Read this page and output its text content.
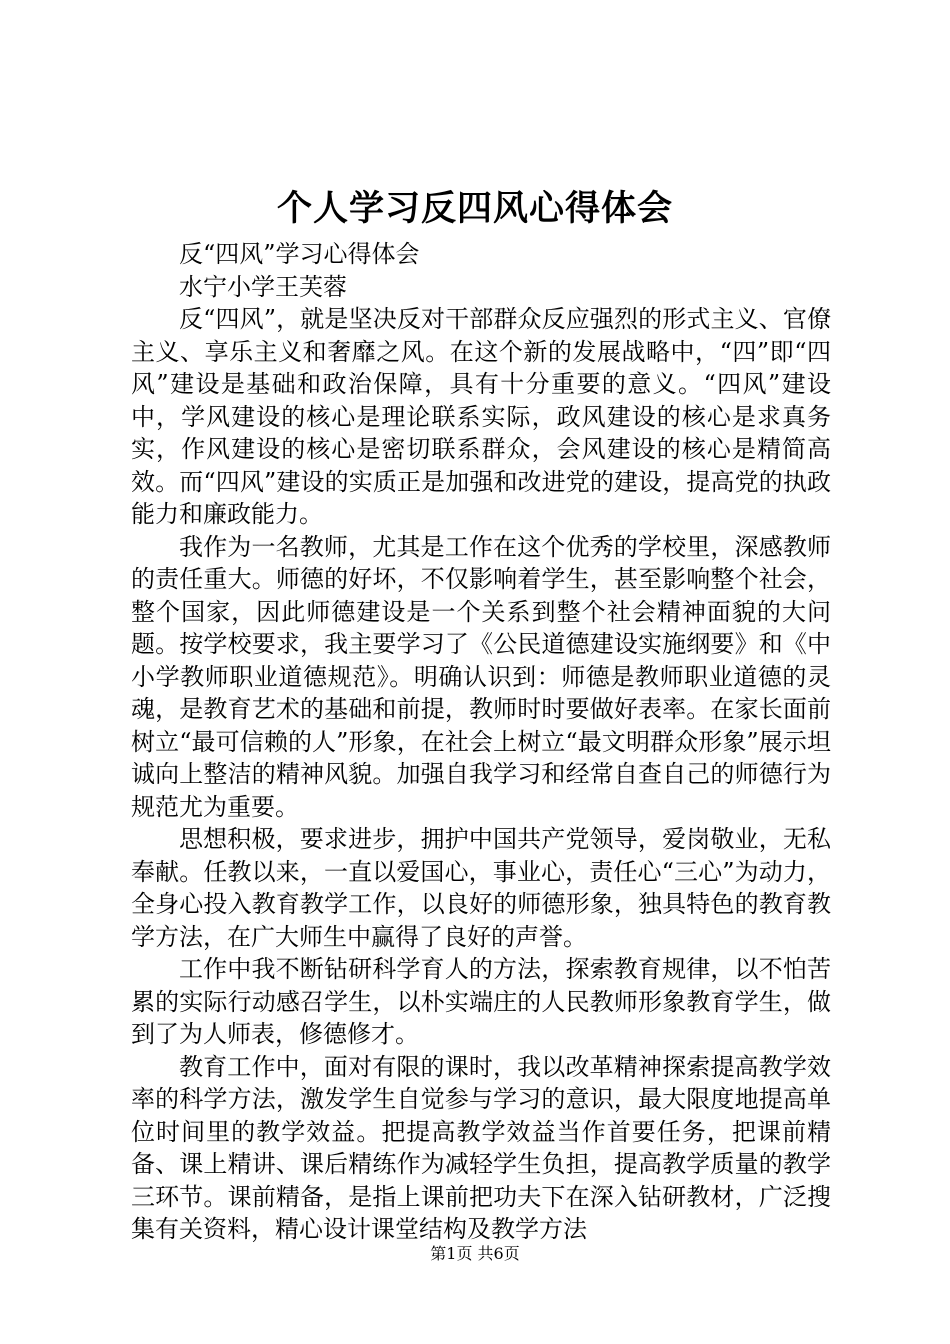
个人学习反四风心得体会

反“四风”学习心得体会

水宁小学王芙蓉

反“四风”，就是坚决反对干部群众反应强烈的形式主义、官僚主义、享乐主义和奢靡之风。在这个新的发展战略中，“四”即“四风”建设是基础和政治保障，具有十分重要的意义。“四风”建设中，学风建设的核心是理论联系实际，政风建设的核心是求真务实，作风建设的核心是密切联系群众，会风建设的核心是精简高效。而“四风”建设的实质正是加强和改进党的建设，提高党的执政能力和廉政能力。

我作为一名教师，尤其是工作在这个优秀的学校里，深感教师的责任重大。师德的好坏，不仅影响着学生，甚至影响整个社会，整个国家，因此师德建设是一个关系到整个社会精神面貌的大问题。按学校要求，我主要学习了《公民道德建设实施纲要》和《中小学教师职业道德规范》。明确认识到：师德是教师职业道德的灵魂，是教育艺术的基础和前提，教师时时要做好表率。在家长面前树立“最可信赖的人”形象，在社会上树立“最文明群众形象”展示坦诚向上整洁的精神风貌。加强自我学习和经常自查自己的师德行为规范尤为重要。

思想积极，要求进步，拥护中国共产党领导，爱岗敬业，无私奉献。任教以来，一直以爱国心，事业心，责任心“三心”为动力，全身心投入教育教学工作，以良好的师德形象，独具特色的教育教学方法，在广大师生中赢得了良好的声誉。

工作中我不断钻研科学育人的方法，探索教育规律，以不怕苦累的实际行动感召学生，以朴实端庄的人民教师形象教育学生，做到了为人师表，修德修才。

教育工作中，面对有限的课时，我以改革精神探索提高教学效率的科学方法，激发学生自觉参与学习的意识，最大限度地提高单位时间里的教学效益。把提高教学效益当作首要任务，把课前精备、课上精讲、课后精练作为减轻学生负担，提高教学质量的教学三环节。课前精备，是指上课前把功夫下在深入钻研教材，广泛搜集有关资料，精心设计课堂结构及教学方法

第1页 共6页
